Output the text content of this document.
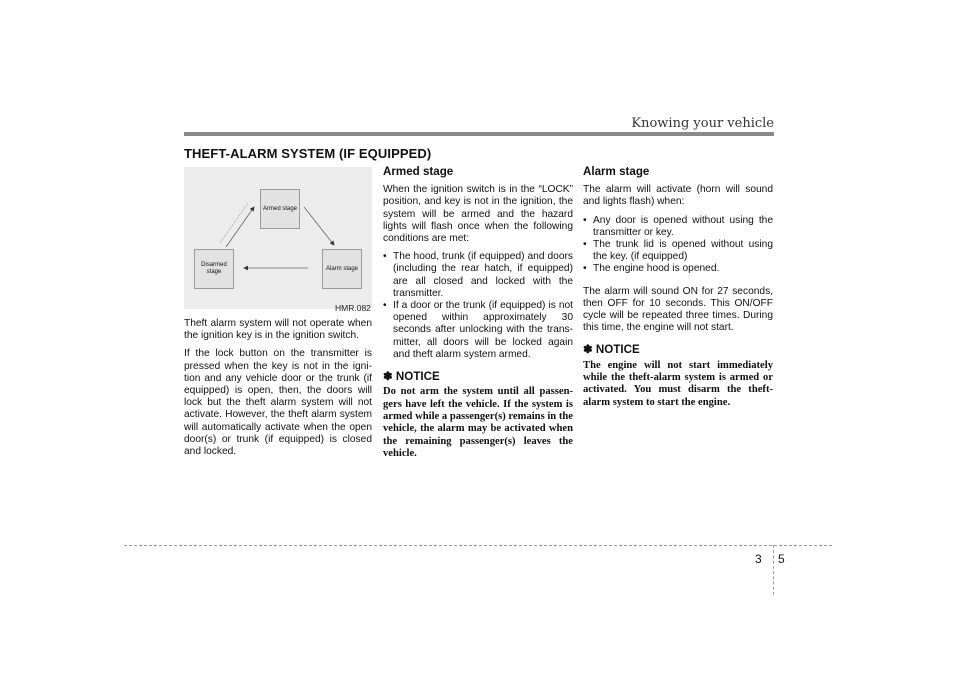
Knowing your vehicle
THEFT-ALARM SYSTEM (IF EQUIPPED)
Armed stage
Disarmed
stage
Alarm stage
HMR.082

Theft alarm system will not operate when the ignition key is in the ignition switch.

If the lock button on the transmitter is pressed when the key is not in the igni-tion and any vehicle door or the trunk (if equipped) is open, then, the doors will lock but the theft alarm system will not activate. However, the theft alarm system will automatically activate when the open door(s) or trunk (if equipped) is closed and locked.

Armed stage

When the ignition switch is in the “LOCK” position, and key is not in the ignition, the system will be armed and the hazard lights will flash once when the following conditions are met:

• The hood, trunk (if equipped) and doors (including the rear hatch, if equipped) are all closed and locked with the transmitter.
• If a door or the trunk (if equipped) is not opened within approximately 30 seconds after unlocking with the trans-mitter, all doors will be locked again and theft alarm system armed.
✽ NOTICE
Do not arm the system until all passen-gers have left the vehicle. If the system is armed while a passenger(s) remains in the vehicle, the alarm may be activated when the remaining passenger(s) leaves the vehicle.
Alarm stage

The alarm will activate (horn will sound and lights flash) when:

• Any door is opened without using the transmitter or key.
• The trunk lid is opened without using the key. (if equipped)
• The engine hood is opened.

The alarm will sound ON for 27 seconds, then OFF for 10 seconds. This ON/OFF cycle will be repeated three times. During this time, the engine will not start.

✽ NOTICE
The engine will not start immediately while the theft-alarm system is armed or activated. You must disarm the theft-alarm system to start the engine.
3 5
